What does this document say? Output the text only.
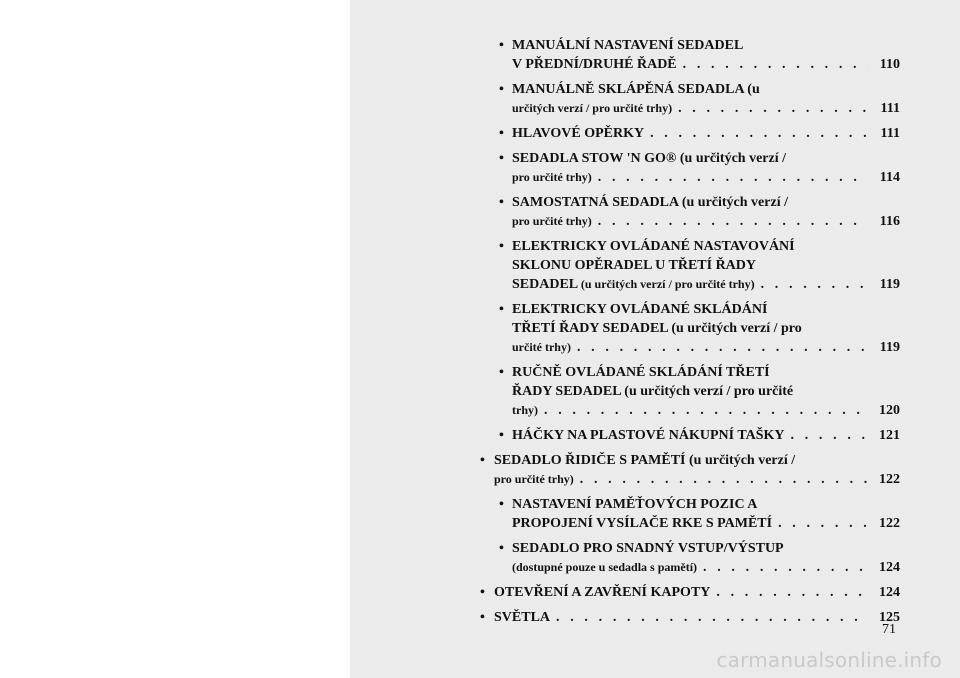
• MANUÁLNÍ NASTAVENÍ SEDADEL
V PŘEDNÍ/DRUHÉ ŘADĚ . . .	110
• MANUÁLNĚ SKLÁPĚNÁ SEDADLA (u
určitých verzí / pro určité trhy) . . .	111
• HLAVOVÉ OPĚRKY . . .	111
• SEDADLA STOW 'N GO® (u určitých verzí /
pro určité trhy) . . .	114
• SAMOSTATNÁ SEDADLA (u určitých verzí /
pro určité trhy) . . .	116
• ELEKTRICKY OVLÁDANÉ NASTAVOVÁNÍ
SKLONU OPĚRADEL U TŘETÍ ŘADY
SEDADEL (u určitých verzí / pro určité trhy) . . .	119
• ELEKTRICKY OVLÁDANÉ SKLÁDÁNÍ
TŘETÍ ŘADY SEDADEL (u určitých verzí / pro
určité trhy) . . .	119
• RUČNĚ OVLÁDANÉ SKLÁDÁNÍ TŘETÍ
ŘADY SEDADEL (u určitých verzí / pro určité
trhy) . . .	120
• HÁČKY NA PLASTOVÉ NÁKUPNÍ TAŠKY . . .	121
• SEDADLO ŘIDIČE S PAMĚTÍ (u určitých verzí /
pro určité trhy) . . .	122
• NASTAVENÍ PAMĚŤOVÝCH POZIC A
PROPOJENÍ VYSÍLAČE RKE S PAMĚTÍ . . .	122
• SEDADLO PRO SNADNÝ VSTUP/VÝSTUP
(dostupné pouze u sedadla s pamětí) . . .	124
• OTEVŘENÍ A ZAVŘENÍ KAPOTY . . .	124
• SVĚTLA . . .	125
71
carmanualsonline.info
